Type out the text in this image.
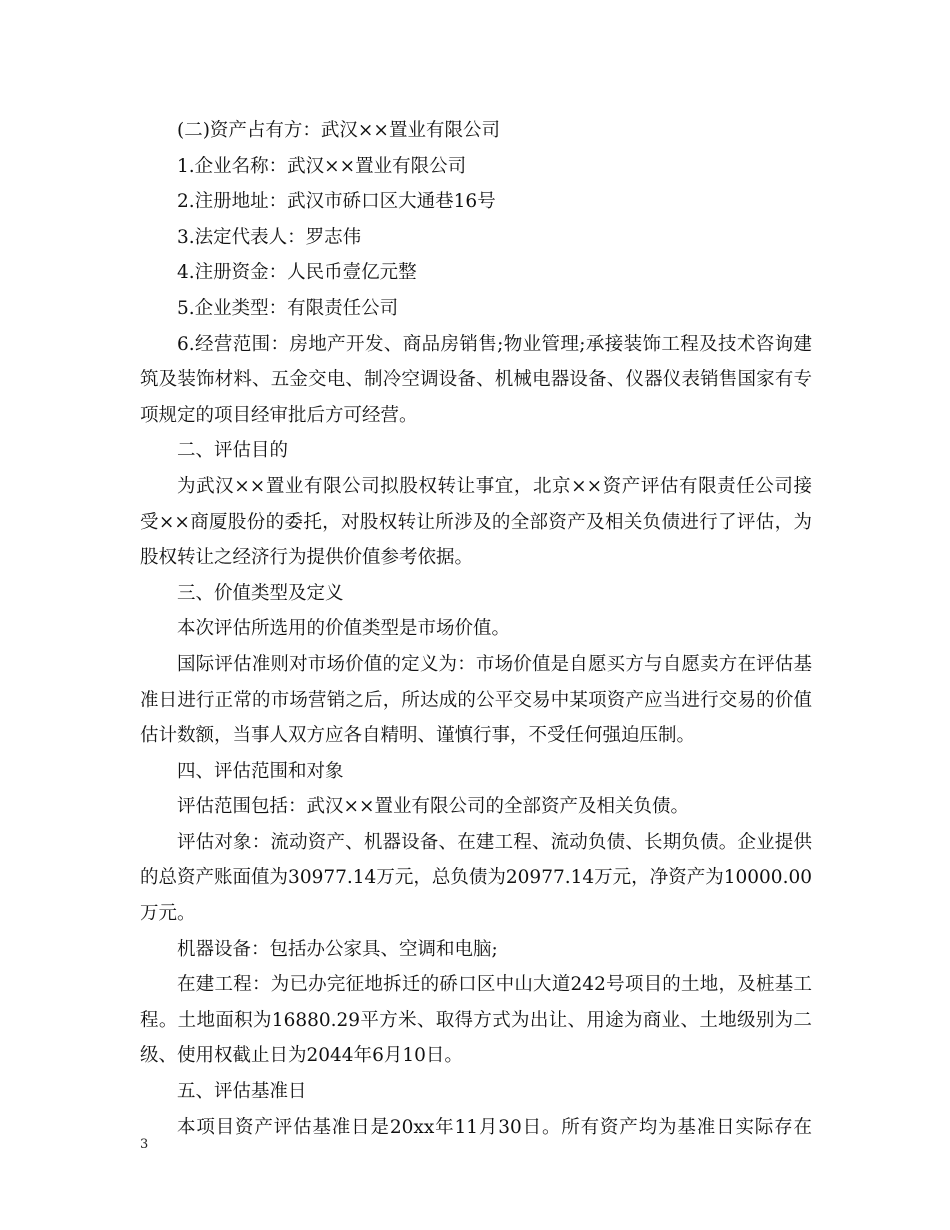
(二)资产占有方：武汉××置业有限公司
1.企业名称：武汉××置业有限公司
2.注册地址：武汉市硚口区大通巷16号
3.法定代表人：罗志伟
4.注册资金：人民币壹亿元整
5.企业类型：有限责任公司
6.经营范围：房地产开发、商品房销售;物业管理;承接装饰工程及技术咨询建
筑及装饰材料、五金交电、制冷空调设备、机械电器设备、仪器仪表销售国家有专
项规定的项目经审批后方可经营。
二、评估目的
为武汉××置业有限公司拟股权转让事宜，北京××资产评估有限责任公司接
受××商厦股份的委托，对股权转让所涉及的全部资产及相关负债进行了评估，为
股权转让之经济行为提供价值参考依据。
三、价值类型及定义
本次评估所选用的价值类型是市场价值。
国际评估准则对市场价值的定义为：市场价值是自愿买方与自愿卖方在评估基
准日进行正常的市场营销之后，所达成的公平交易中某项资产应当进行交易的价值
估计数额，当事人双方应各自精明、谨慎行事，不受任何强迫压制。
四、评估范围和对象
评估范围包括：武汉××置业有限公司的全部资产及相关负债。
评估对象：流动资产、机器设备、在建工程、流动负债、长期负债。企业提供
的总资产账面值为30977.14万元，总负债为20977.14万元，净资产为10000.00
万元。
机器设备：包括办公家具、空调和电脑;
在建工程：为已办完征地拆迁的硚口区中山大道242号项目的土地，及桩基工
程。土地面积为16880.29平方米、取得方式为出让、用途为商业、土地级别为二
级、使用权截止日为2044年6月10日。
五、评估基准日
本项目资产评估基准日是20xx年11月30日。所有资产均为基准日实际存在
3
